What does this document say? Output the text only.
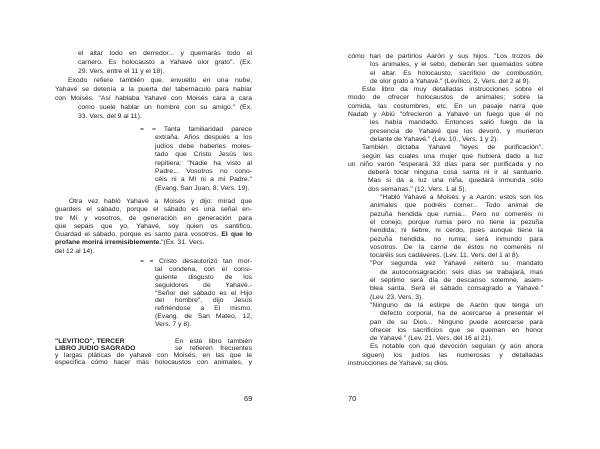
el altar todo en derredor... y quemarás todo el
carnero. Es holocausto a Yahavé olor grato". (Ex.
29. Vers. entre el 11 y el 18).
Exodo refiere también que, envuelto en una nube,
Yahavé se detenía a la puerta del tabernáculo para hablar
con Moisés. "Así hablaba Yahavé con Moisés cara a cara
como suele hablar un hombre con su amigo." (Ex.
33. Vers. del 9 al 11).
= = Tanta familiaridad parece
extraña. Años después a los
judíos debe haberles moles-
tado que Cristo Jesús les
repitiera: "Nadie ha visto al
Padre... Vosotros no cono-
céis ni a Mí ni a mi Padre."
(Evang. San Juan, 8, Vers. 19).
Otra vez habló Yahavé a Moisés y dijo: mirad que
guardeis el sábado, porque el sábado es una señal en-
tre Mí y vosotros, de generación en generación para
que sepáis que yo, Yahavé, soy quien os santifico.
Guardad el sábado, porque es santo para vosotros. El que lo profane morirá irremisiblemente."(Ex. 31. Vers.
del 12 al 14).
= = Cristo desautorizó tan mor-
tal condena, con el consi-
guiente disgusto de los
seguidores de Yahavé.-
"Señor del sábado es el Hijo
del hombre", dijo Jesús
refiriéndose a El mismo.
(Evang. de San Mateo, 12,
Vers. 7 y 8).
"LEVITICO", TERCER	En este libro también
LIBRO JUDIO SAGRADO	se refieren frecuentes
y largas pláticas de yahavé con Moisés, en las que le
especifica cómo hacer más holocaustos con animales, y
69
cómo han de partirlos Aarón y sus hijos. "Los trozos de
los animales, y el sebo, deberán ser quemados sobre
el altar. Es holocausto, sacrificio de combustión,
de olor grato a Yahavé." (Levítico, 2, Vers. del 2 al 9).
Este libro da muy detalladas instrucciones sobre el
modo de ofrecer holocaustos de animales; sobre la
comida, las costumbres, etc. En un pasaje narra que
Nadab y Abiú "ofrecieron a Yahavé un fuego que él no
les había mandado. Entonces salió fuego de la
presencia de Yahavé que los devoró, y murieron
delante de Yahavé." (Lev. 10., Vers. 1 y 2).
También dictaba Yahavé "leyes de purificación",
según las cuales una mujer que hubiera dado a luz
un niño varón "esperará 33 días para ser purificada y no
deberá tocar ninguna cosa santa ni ir al santuario.
Mas si da a luz una niña, quedará inmunda sólo
dos semanas." (12. Vers. 1 al 5).
"Habló Yahavé a Moisés y a Aarón: estos son los
animales que podréis comer... Todo animal de
pezuña hendida que rumia... Pero no comeréis ni
el conejo, porque rumia pero no tiene la pezuña
hendida; ni liebre, ni cerdo, pues aunque tiene la
pezuña hendida, no rumia; será inmundo para
vosotros. De la carne de éstos no comeréis ni
tocaréis sus cadáveres. (Lev. 11. Vers. del 1 al 8).
"Por segunda vez Yahavé reiteró su mandato
de autoconsagración: seis días se trabajará, mas
el séptimo será día de descanso solemne, asam-
blea santa. Será el sábado consagrado a Yahavé."
(Lev. 23, Vers. 3).
"Ninguno de la estirpe de Aarón que tenga un
defecto corporal, ha de acercarse a presentar el
pan de su Dios... Ninguno puede acercarse para
ofrecer los sacrificios que se queman en honor
de Yahavé." (Lev. 21. Vers. del 16 al 21).
Es notable con qué devoción seguían (y aún ahora
siguen) los judíos las numerosas y detalladas
instrucciones de Yahavé, su dios.
70
